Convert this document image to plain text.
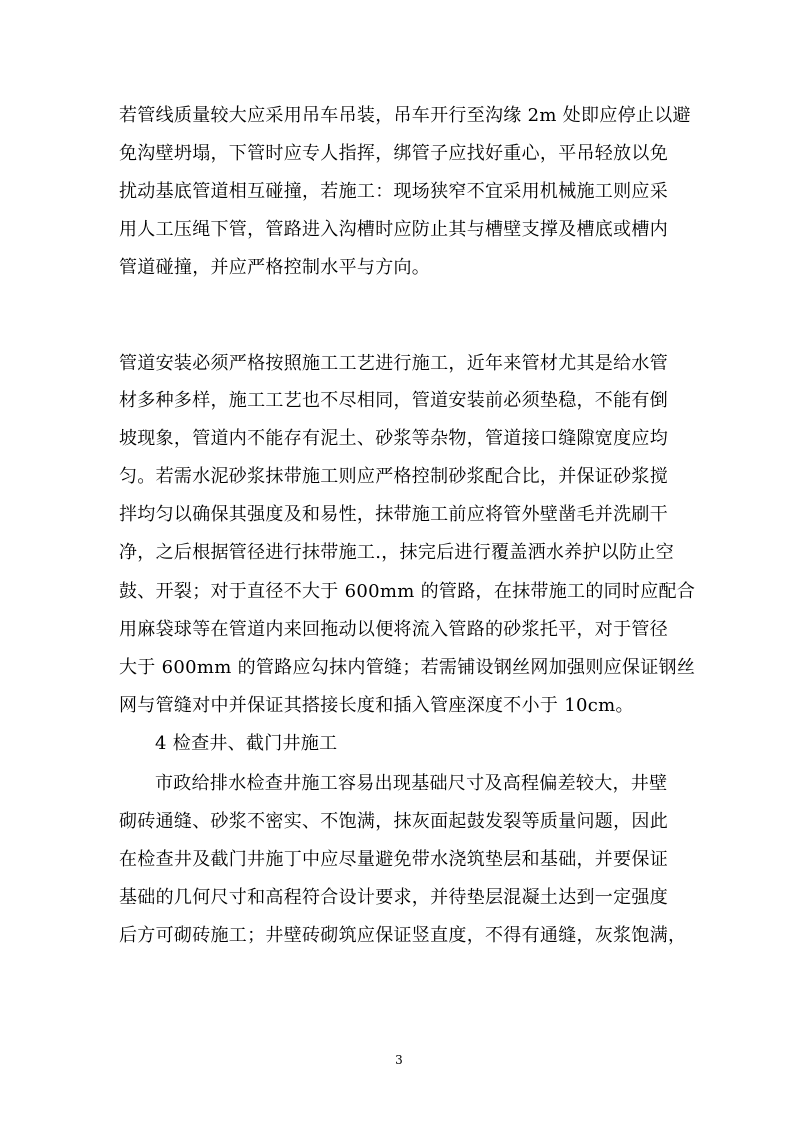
若管线质量较大应采用吊车吊装，吊车开行至沟缘 2m 处即应停止以避
免沟壁坍塌，下管时应专人指挥，绑管子应找好重心，平吊轻放以免
扰动基底管道相互碰撞，若施工：现场狭窄不宜采用机械施工则应采
用人工压绳下管，管路进入沟槽时应防止其与槽壁支撑及槽底或槽内
管道碰撞，并应严格控制水平与方向。
管道安装必须严格按照施工工艺进行施工，近年来管材尤其是给水管
材多种多样，施工工艺也不尽相同，管道安装前必须垫稳，不能有倒
坡现象，管道内不能存有泥土、砂浆等杂物，管道接口缝隙宽度应均
匀。若需水泥砂浆抹带施工则应严格控制砂浆配合比，并保证砂浆搅
拌均匀以确保其强度及和易性，抹带施工前应将管外壁凿毛并洗刷干
净，之后根据管径进行抹带施工.，抹完后进行覆盖洒水养护以防止空
鼓、开裂；对于直径不大于 600mm 的管路，在抹带施工的同时应配合
用麻袋球等在管道内来回拖动以便将流入管路的砂浆托平，对于管径
大于 600mm 的管路应勾抹内管缝；若需铺设钢丝网加强则应保证钢丝
网与管缝对中并保证其搭接长度和插入管座深度不小于 10cm。
4 检查井、截门井施工
市政给排水检查井施工容易出现基础尺寸及高程偏差较大，井壁
砌砖通缝、砂浆不密实、不饱满，抹灰面起鼓发裂等质量问题，因此
在检查井及截门井施丁中应尽量避免带水浇筑垫层和基础，并要保证
基础的几何尺寸和高程符合设计要求，并待垫层混凝土达到一定强度
后方可砌砖施工；井壁砖砌筑应保证竖直度，不得有通缝，灰浆饱满，
3
